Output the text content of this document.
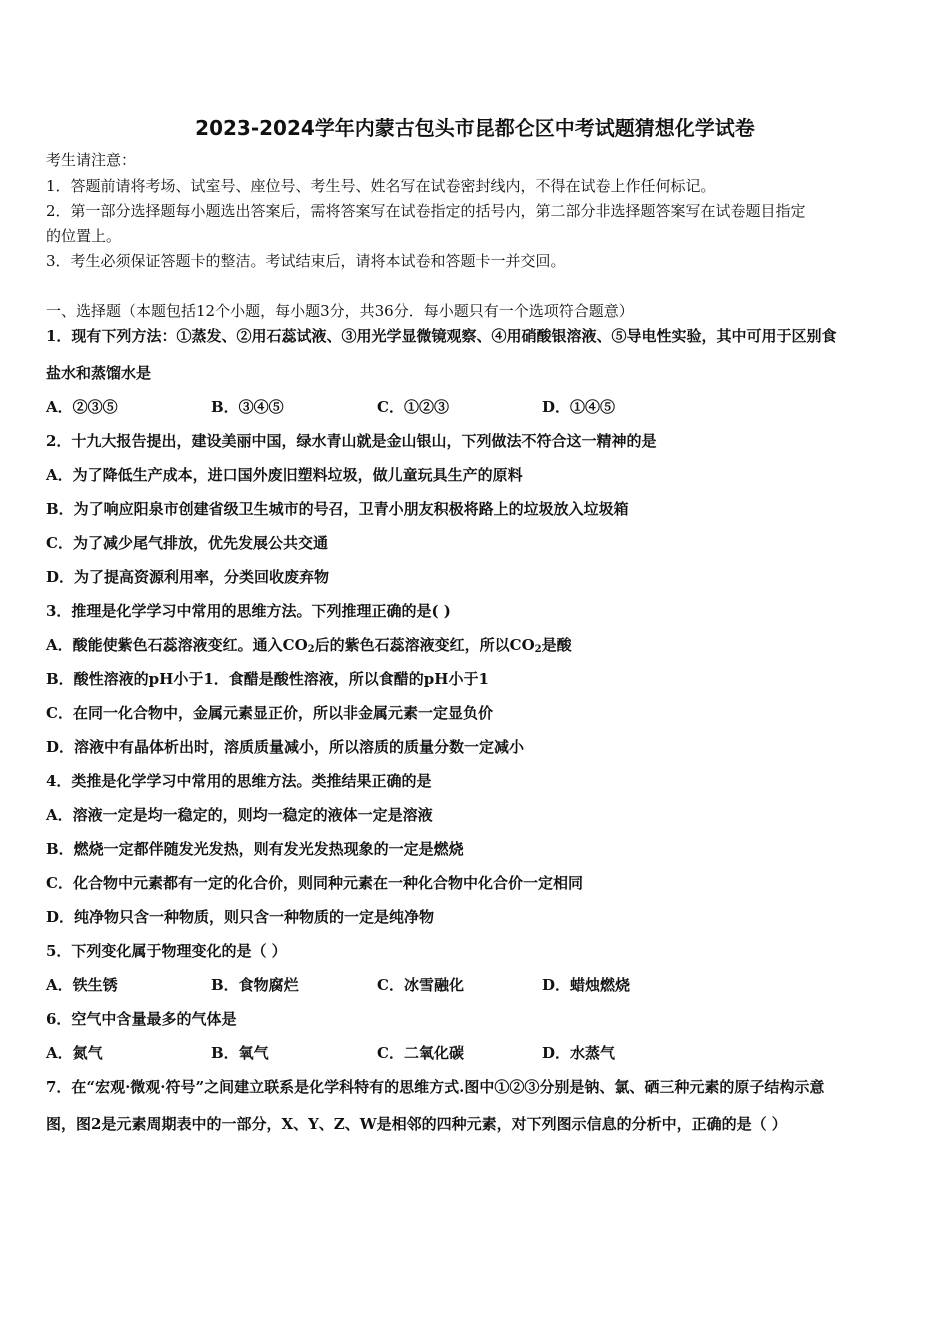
2023-2024学年内蒙古包头市昆都仑区中考试题猜想化学试卷
考生请注意：
1．答题前请将考场、试室号、座位号、考生号、姓名写在试卷密封线内，不得在试卷上作任何标记。
2．第一部分选择题每小题选出答案后，需将答案写在试卷指定的括号内，第二部分非选择题答案写在试卷题目指定
的位置上。
3．考生必须保证答题卡的整洁。考试结束后，请将本试卷和答题卡一并交回。
一、选择题（本题包括12个小题，每小题3分，共36分．每小题只有一个选项符合题意）
1．现有下列方法：①蒸发、②用石蕊试液、③用光学显微镜观察、④用硝酸银溶液、⑤导电性实验，其中可用于区别食
盐水和蒸馏水是
A．②③⑤	B．③④⑤	C．①②③	D．①④⑤
2．十九大报告提出，建设美丽中国，绿水青山就是金山银山，下列做法不符合这一精神的是
A．为了降低生产成本，进口国外废旧塑料垃圾，做儿童玩具生产的原料
B．为了响应阳泉市创建省级卫生城市的号召，卫青小朋友积极将路上的垃圾放入垃圾箱
C．为了减少尾气排放，优先发展公共交通
D．为了提高资源利用率，分类回收废弃物
3．推理是化学学习中常用的思维方法。下列推理正确的是( )
A．酸能使紫色石蕊溶液变红。通入$CO_2$后的紫色石蕊溶液变红，所以$CO_2$是酸
B．酸性溶液的pH小于1．食醋是酸性溶液，所以食醋的pH小于1
C．在同一化合物中，金属元素显正价，所以非金属元素一定显负价
D．溶液中有晶体析出时，溶质质量减小，所以溶质的质量分数一定减小
4．类推是化学学习中常用的思维方法。类推结果正确的是
A．溶液一定是均一稳定的，则均一稳定的液体一定是溶液
B．燃烧一定都伴随发光发热，则有发光发热现象的一定是燃烧
C．化合物中元素都有一定的化合价，则同种元素在一种化合物中化合价一定相同
D．纯净物只含一种物质，则只含一种物质的一定是纯净物
5．下列变化属于物理变化的是（ ）
A．铁生锈	B．食物腐烂	C．冰雪融化	D．蜡烛燃烧
6．空气中含量最多的气体是
A．氮气	B．氧气	C．二氧化碳	D．水蒸气
7．在“宏观·微观·符号”之间建立联系是化学科特有的思维方式.图中①②③分别是钠、氯、硒三种元素的原子结构示意
图，图2是元素周期表中的一部分，X、Y、Z、W是相邻的四种元素，对下列图示信息的分析中，正确的是（ ）
